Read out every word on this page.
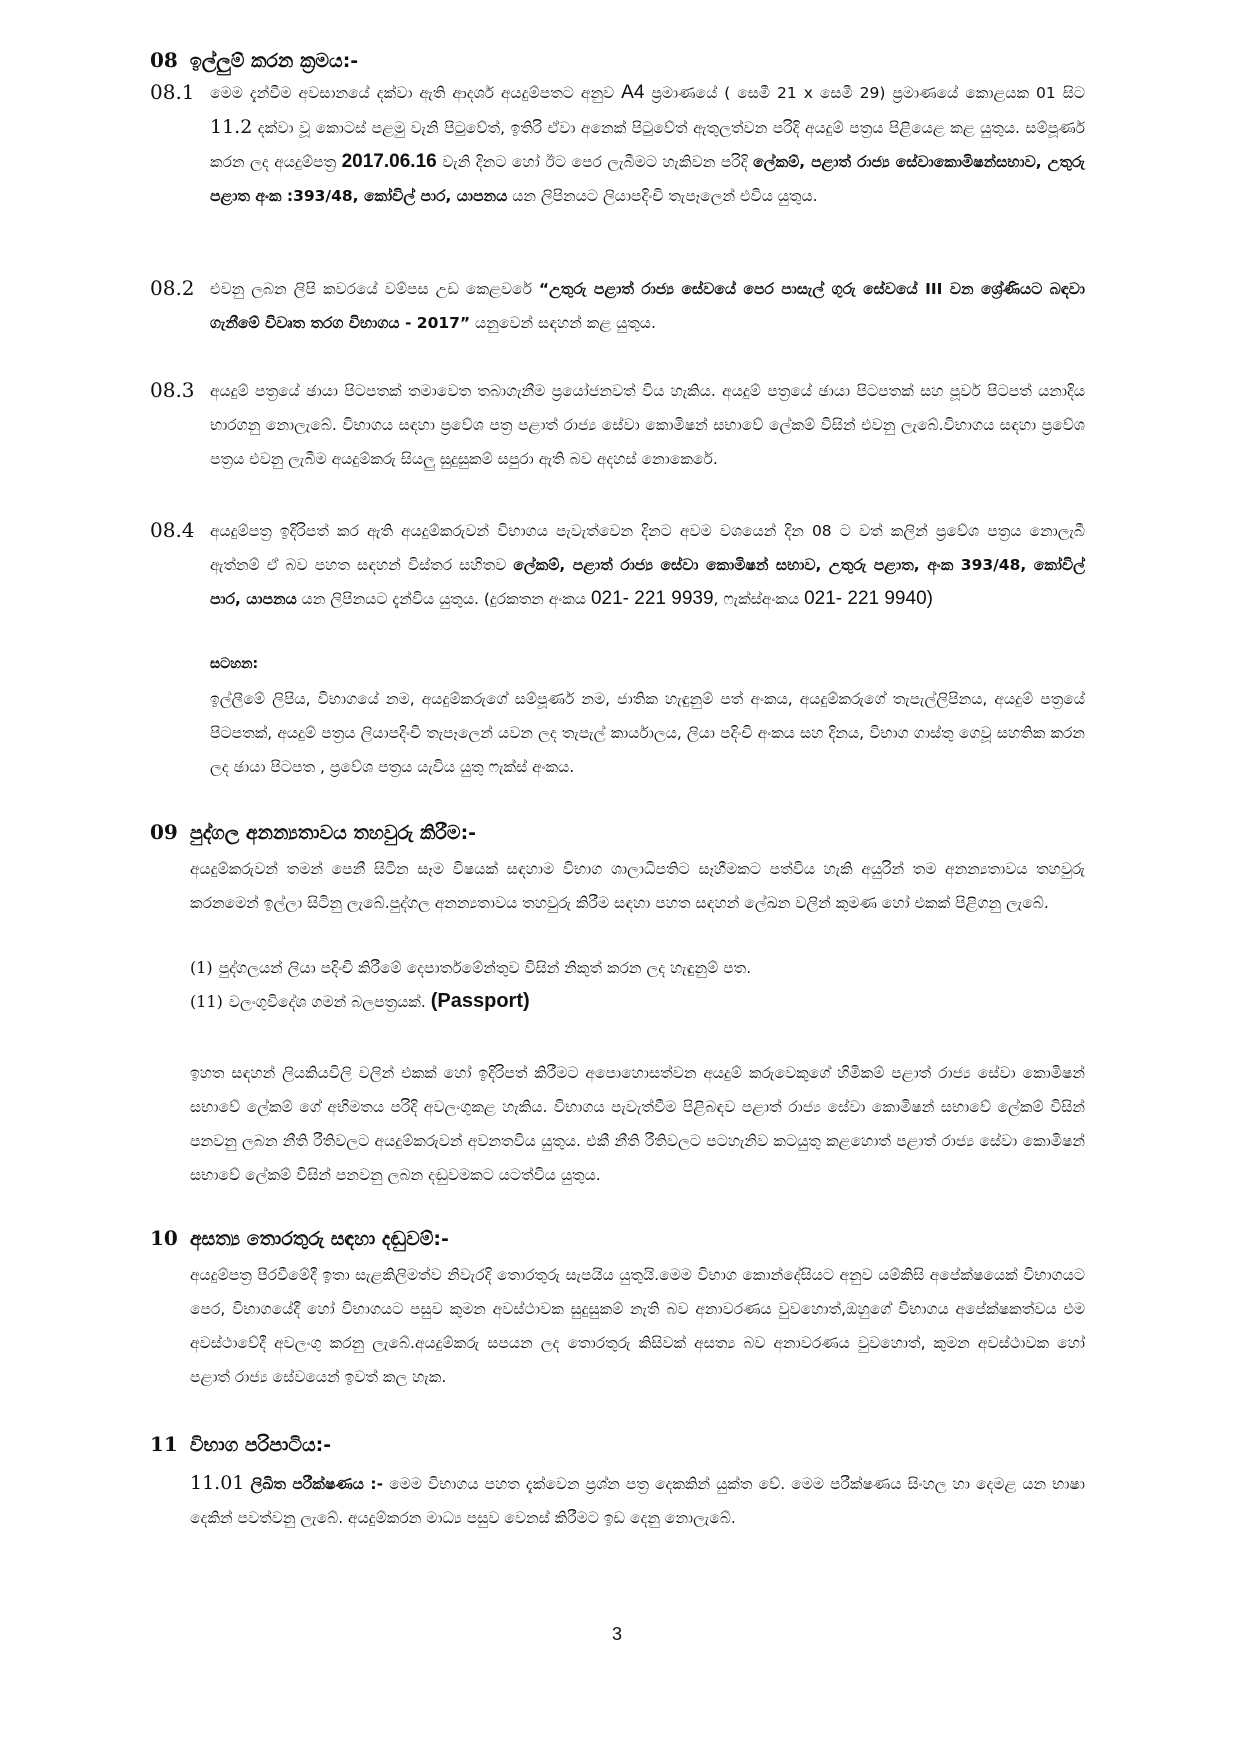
08 ඉල්ලුම් කරන ක්‍රමය:-
08.1 මෙම දැන්වීම අවසානයේ දක්වා ඇති ආදර්ශ අයදුම්පතට අනුව A4 ප්‍රමාණයේ ( සෙමී 21 x සෙමී 29) ප්‍රමාණයේ කොළයක 01 සිට 11.2 දක්වා වූ කොටස් පළමු වැනි පිටුවේත්, ඉතිරි ඒවා අනෙක් පිටුවේත් ඇතුලත්වන පරිදි අයදුම් පත්‍රය පිළියෙළ කළ යුතුය. සම්පූර්ණ කරන ලද අයදුම්පත්‍ර 2017.06.16 වැනි දිනට හෝ ඊට පෙර ලැබීමට හැකිවන පරිදි ලේකම්, පළාත් රාජ්‍ය සේවාකොමිෂන්සභාව, උතුරු පළාත අංක :393/48, කෝවිල් පාර, යාපනය යන ලිපිනයට ලියාපදිංචි තැපෑලෙන් එවිය යුතුය.
08.2 එවනු ලබන ලිපි කවරයේ වම්පස උඩ කෙළවරේ “උතුරු පළාත් රාජ්‍ය සේවයේ පෙර පාසැල් ගුරු සේවයේ III වන ශ්‍රේණියට බඳවා ගැනීමේ විවෘත තරග විභාගය - 2017” යනුවෙන් සඳහන් කළ යුතුය.
08.3 අයදුම් පත්‍රයේ ඡායා පිටපතක් තමාවෙත තබාගැනීම ප්‍රයෝජනවත් විය හැකිය. අයදුම් පත්‍රයේ ඡායා පිටපතක් සහ පූර්ව පිටපත් යනාදිය භාරගනු නොලැබේ. විභාගය සඳහා ප්‍රවේශ පත්‍ර පළාත් රාජ්‍ය සේවා කොමිෂන් සභාවේ ලේකම් විසින් එවනු ලැබේ.විභාගය සඳහා ප්‍රවේශ පත්‍රය එවනු ලැබීම අයදුම්කරු සියලු සුදුසුකම් සපුරා ඇති බව අදහස් නොකෙරේ.
08.4 අයදුම්පත්‍ර ඉදිරිපත් කර ඇති අයදුම්කරුවන් විභාගය පැවැත්වෙන දිනට අවම වශයෙන් දින 08 ට වත් කලින් ප්‍රවේශ පත්‍රය නොලැබී ඇත්නම් ඒ බව පහත සඳහන් විස්තර සහිතව ලේකම්, පළාත් රාජ්‍ය සේවා කොමිෂන් සභාව, උතුරු පළාත, අංක 393/48, කෝවිල් පාර, යාපනය යන ලිපිනයට දැන්විය යුතුය. (දුරකතන අංකය 021- 221 9939, ෆැක්ස්අංකය 021- 221 9940)
සටහන:
ඉල්ලීමේ ලිපිය, විභාගයේ නම, අයදුම්කරුගේ සම්පූර්ණ නම, ජාතික හැඳුනුම් පත් අංකය, අයදුම්කරුගේ තැපැල්ලිපිනය, අයදුම් පත්‍රයේ පිටපතක්, අයදුම් පත්‍රය ලියාපදිංචි තැපෑලෙන් යවන ලද තැපැල් කාර්යාලය, ලියා පදිංචි අංකය සහ දිනය, විභාග ගාස්තු ගෙවූ සහතික කරන ලද ඡායා පිටපත , ප්‍රවේශ පත්‍රය යැවිය යුතු ෆැක්ස් අංකය.
09 පුද්ගල අනන්‍යතාවය තහවුරු කිරීම:-
අයදුම්කරුවන් තමන් පෙනී සිටින සෑම විෂයක් සඳහාම විභාග ශාලාධිපතිට සෑහීමකට පත්විය හැකි අයුරින් තම අනන්‍යතාවය තහවුරු කරනමෙන් ඉල්ලා සිටිනු ලැබේ.පුද්ගල අනන්‍යතාවය තහවුරු කිරීම සඳහා පහත සඳහන් ලේඛන වලින් කුමණ හෝ එකක් පිළිගනු ලැබේ.
(1) පුද්ගලයන් ලියා පදිංචි කිරීමේ දෙපාර්තමේන්තුව විසින් නිකුත් කරන ලද හැඳුනුම් පත.
(11) වලංගුවිදේශ ගමන් බලපත්‍රයක්. (Passport)
ඉහත සඳහන් ලියකියවිලි වලින් එකක් හෝ ඉදිරිපත් කිරීමට අපොහොසත්වන අයදුම් කරුවෙකුගේ හිමිකම් පළාත් රාජ්‍ය සේවා කොමිෂන් සභාවේ ලේකම් ගේ අභිමතය පරිදි අවලංගුකළ හැකිය. විභාගය පැවැත්වීම පිළිබඳව පළාත් රාජ්‍ය සේවා කොමිෂන් සභාවේ ලේකම් විසින් පනවනු ලබන නීති රීතිවලට අයදුම්කරුවන් අවනතවිය යුතුය. එකී නීති රීතිවලට පටහැනිව කටයුතු කළහොත් පළාත් රාජ්‍ය සේවා කොමිෂන් සභාවේ ලේකම් විසින් පනවනු ලබන දඬුවමකට යටත්විය යුතුය.
10 අසත්‍ය තොරතුරු සඳහා දඬුවම්:-
අයදුම්පත්‍ර පිරවීමේදී ඉතා සැළකිලිමත්ව නිවැරදි තොරතුරු සැපයිය යුතුයි.මෙම විභාග කොන්දේසියට අනුව යම්කිසි අපේක්ෂයෙක් විභාගයට පෙර, විභාගයේදී හෝ විභාගයට පසුව කුමන අවස්ථාවක සුදුසුකම් නැති බව අනාවරණය වුවහොත්,ඔහුගේ විභාගය අපේක්ෂකත්වය එම අවස්ථාවේදී අවලංගු කරනු ලැබේ.අයදුම්කරු සපයන ලද තොරතුරු කිසිවක් අසත්‍ය බව අනාවරණය වුවහොත්, කුමන අවස්ථාවක හෝ පළාත් රාජ්‍ය සේවයෙන් ඉවත් කල හැක.
11 විභාග පරිපාටිය:-
11.01 ලිඛිත පරීක්ෂණය :- මෙම විභාගය පහත දැක්වෙන ප්‍රශ්න පත්‍ර දෙකකින් යුක්ත වේ. මෙම පරීක්ෂණය සිංහල හා දෙමළ යන භාෂා දෙකින් පවත්වනු ලැබේ. අයදුම්කරන මාධ්‍ය පසුව වෙනස් කිරීමට ඉඩ දෙනු නොලැබේ.
3
